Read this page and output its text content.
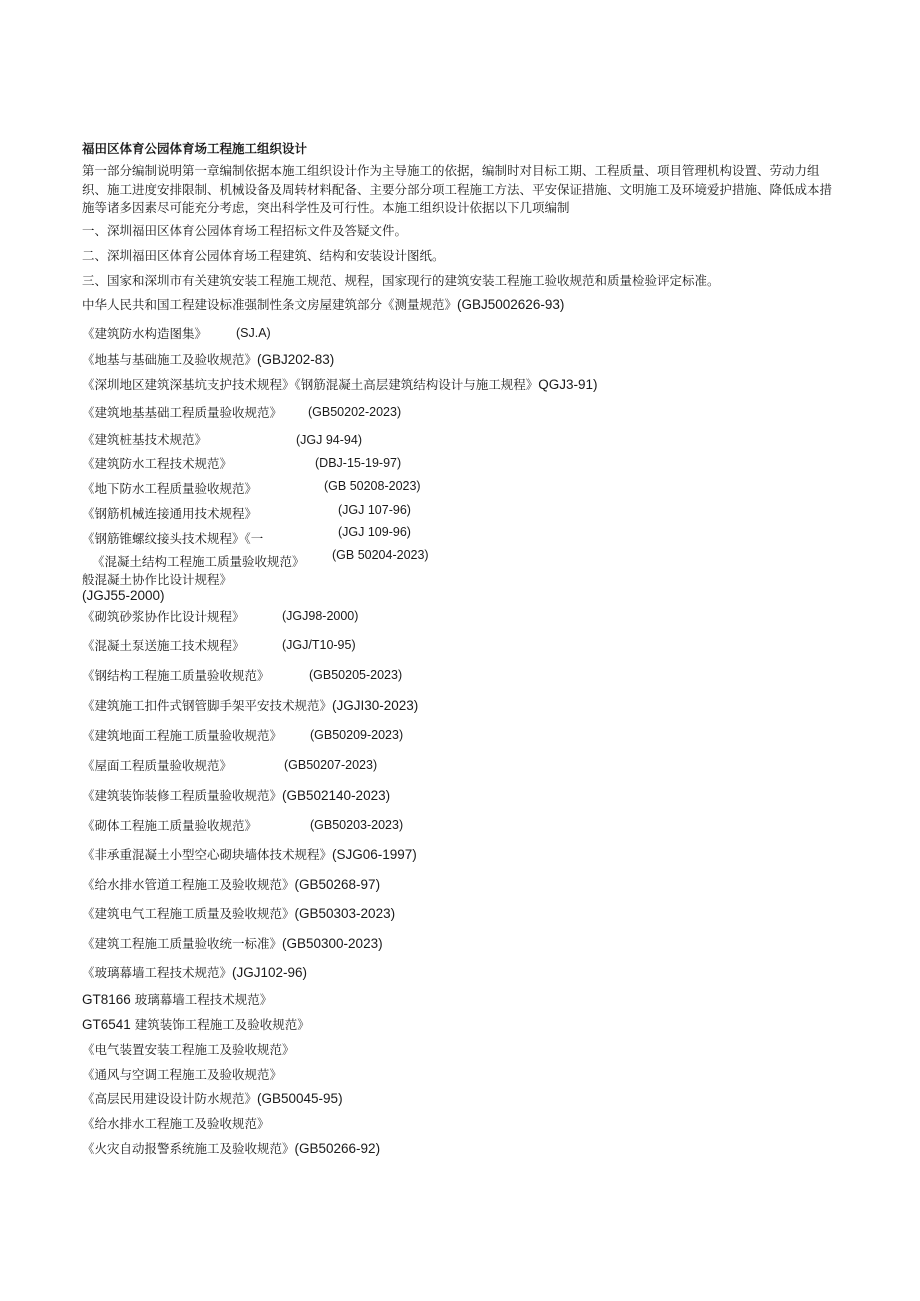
福田区体育公园体育场工程施工组织设计
第一部分编制说明第一章编制依据本施工组织设计作为主导施工的依据，编制时对目标工期、工程质量、项目管理机构设置、劳动力组织、施工进度安排限制、机械设备及周转材料配备、主要分部分项工程施工方法、平安保证措施、文明施工及环境爱护措施、降低成本措施等诸多因素尽可能充分考虑，突出科学性及可行性。本施工组织设计依据以下几项编制
一、深圳福田区体育公园体育场工程招标文件及答疑文件。
二、深圳福田区体育公园体育场工程建筑、结构和安装设计图纸。
三、国家和深圳市有关建筑安装工程施工规范、规程，国家现行的建筑安装工程施工验收规范和质量检验评定标准。
中华人民共和国工程建设标准强制性条文房屋建筑部分《测量规范》(GBJ5002626-93)
《建筑防水构造图集》 (SJ.A)
《地基与基础施工及验收规范》(GBJ202-83)
《深圳地区建筑深基坑支护技术规程》《钢筋混凝土高层建筑结构设计与施工规程》QGJ3-91)
《建筑地基基础工程质量验收规范》 (GB50202-2023)
《建筑桩基技术规范》	(JGJ 94-94)
《建筑防水工程技术规范》	(DBJ-15-19-97)
《地下防水工程质量验收规范》	(GB 50208-2023)
《钢筋机械连接通用技术规程》	(JGJ 107-96)
《钢筋锥螺纹接头技术规程》《一	(JGJ 109-96)
《混凝土结构工程施工质量验收规范》 (GB 50204-2023)
般混凝土协作比设计规程》
(JGJ55-2000)
《砌筑砂浆协作比设计规程》	(JGJ98-2000)
《混凝土泵送施工技术规程》	(JGJ/T10-95)
《钢结构工程施工质量验收规范》	(GB50205-2023)
《建筑施工扣件式钢管脚手架平安技术规范》(JGJI30-2023)
《建筑地面工程施工质量验收规范》 (GB50209-2023)
《屋面工程质量验收规范》	(GB50207-2023)
《建筑装饰装修工程质量验收规范》(GB502140-2023)
《砌体工程施工质量验收规范》	(GB50203-2023)
《非承重混凝土小型空心砌块墙体技术规程》(SJG06-1997)
《给水排水管道工程施工及验收规范》(GB50268-97)
《建筑电气工程施工质量及验收规范》(GB50303-2023)
《建筑工程施工质量验收统一标准》(GB50300-2023)
《玻璃幕墙工程技术规范》(JGJ102-96)
GT8166 玻璃幕墙工程技术规范》
GT6541 建筑装饰工程施工及验收规范》
《电气装置安装工程施工及验收规范》
《通风与空调工程施工及验收规范》
《高层民用建设设计防水规范》(GB50045-95)
《给水排水工程施工及验收规范》
《火灾自动报警系统施工及验收规范》(GB50266-92)
